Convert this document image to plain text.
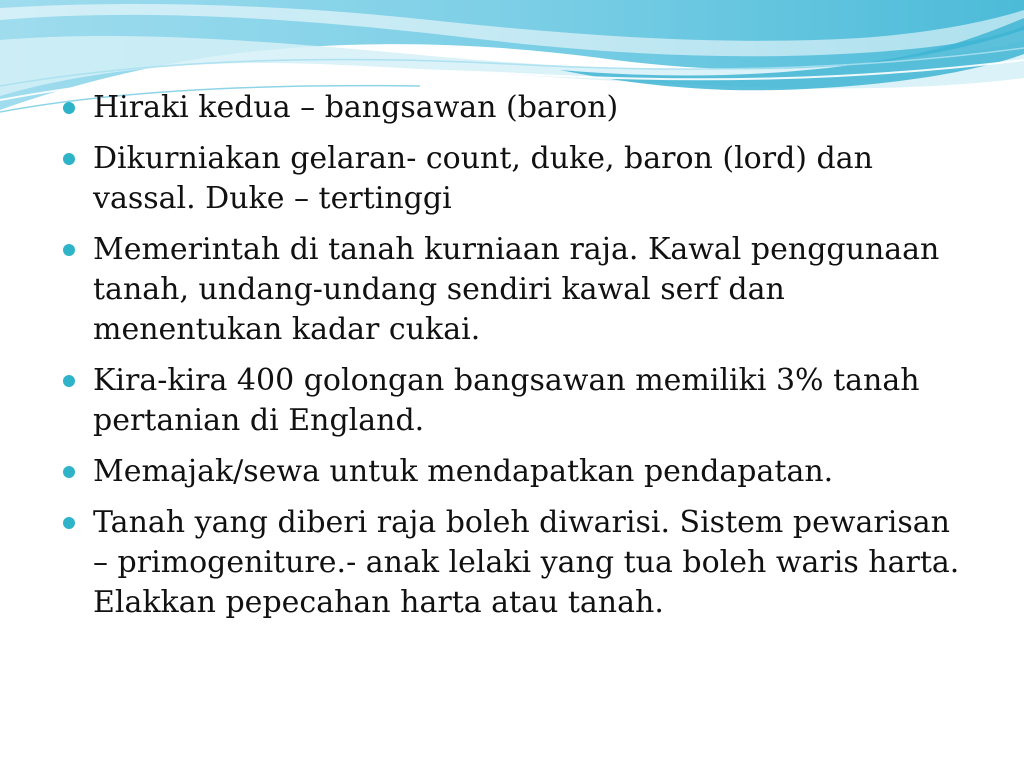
Hiraki kedua – bangsawan (baron)
Dikurniakan gelaran- count, duke, baron (lord) dan vassal. Duke – tertinggi
Memerintah di tanah kurniaan raja. Kawal penggunaan tanah, undang-undang sendiri kawal serf dan menentukan kadar cukai.
Kira-kira 400 golongan bangsawan memiliki 3% tanah pertanian di England.
Memajak/sewa untuk mendapatkan pendapatan.
Tanah yang diberi raja boleh diwarisi. Sistem pewarisan – primogeniture.- anak lelaki yang tua boleh waris harta. Elakkan pepecahan harta atau tanah.
